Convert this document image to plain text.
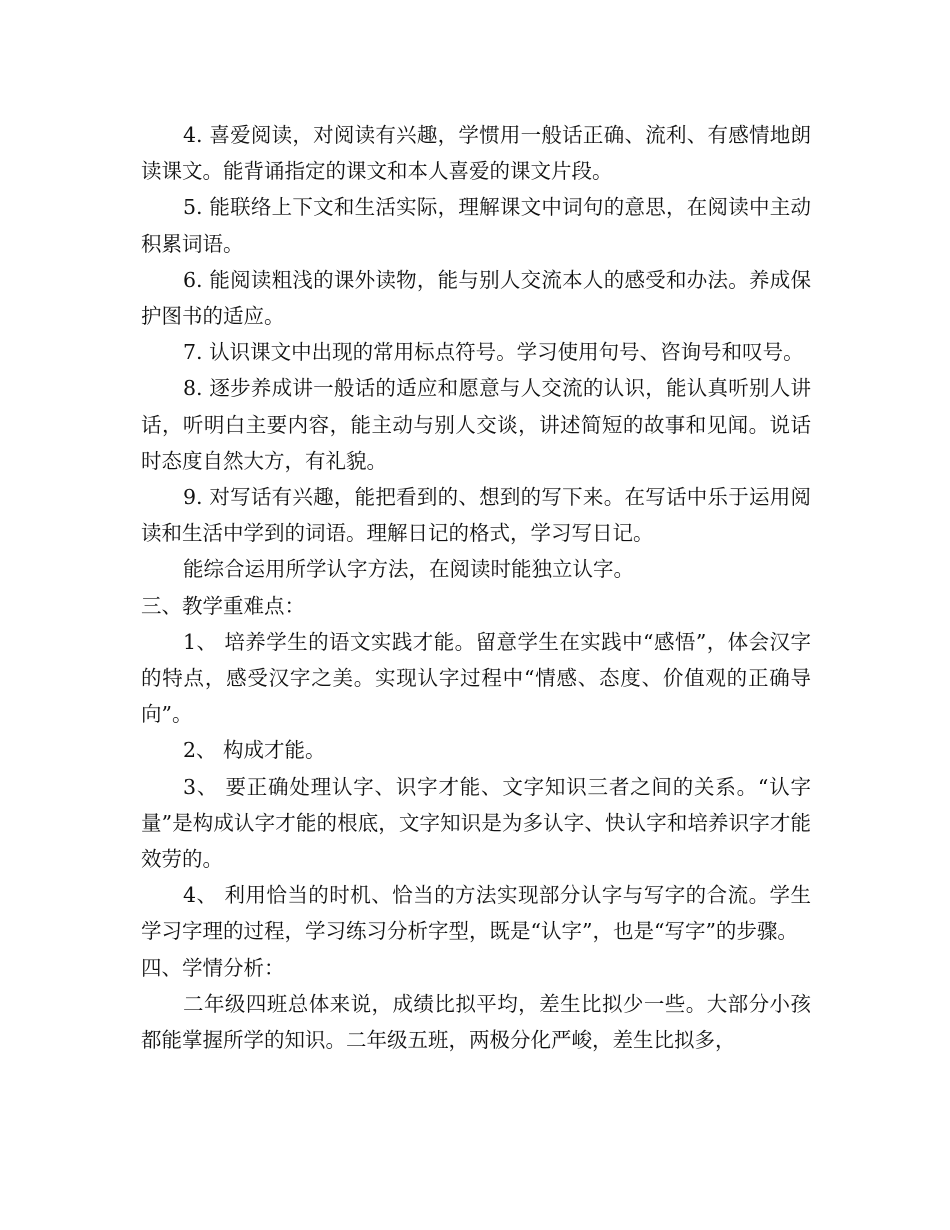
4. 喜爱阅读，对阅读有兴趣，学惯用一般话正确、流利、有感情地朗读课文。能背诵指定的课文和本人喜爱的课文片段。

5. 能联络上下文和生活实际，理解课文中词句的意思，在阅读中主动积累词语。

6. 能阅读粗浅的课外读物，能与别人交流本人的感受和办法。养成保护图书的适应。

7. 认识课文中出现的常用标点符号。学习使用句号、咨询号和叹号。

8. 逐步养成讲一般话的适应和愿意与人交流的认识，能认真听别人讲话，听明白主要内容，能主动与别人交谈，讲述简短的故事和见闻。说话时态度自然大方，有礼貌。

9. 对写话有兴趣，能把看到的、想到的写下来。在写话中乐于运用阅读和生活中学到的词语。理解日记的格式，学习写日记。

能综合运用所学认字方法，在阅读时能独立认字。

三、教学重难点：

1、 培养学生的语文实践才能。留意学生在实践中“感悟”，体会汉字的特点，感受汉字之美。实现认字过程中“情感、态度、价值观的正确导向”。

2、 构成才能。

3、 要正确处理认字、识字才能、文字知识三者之间的关系。“认字量”是构成认字才能的根底，文字知识是为多认字、快认字和培养识字才能效劳的。

4、 利用恰当的时机、恰当的方法实现部分认字与写字的合流。学生学习字理的过程，学习练习分析字型，既是“认字”，也是“写字”的步骤。

四、学情分析：

二年级四班总体来说，成绩比拟平均，差生比拟少一些。大部分小孩都能掌握所学的知识。二年级五班，两极分化严峻，差生比拟多，
